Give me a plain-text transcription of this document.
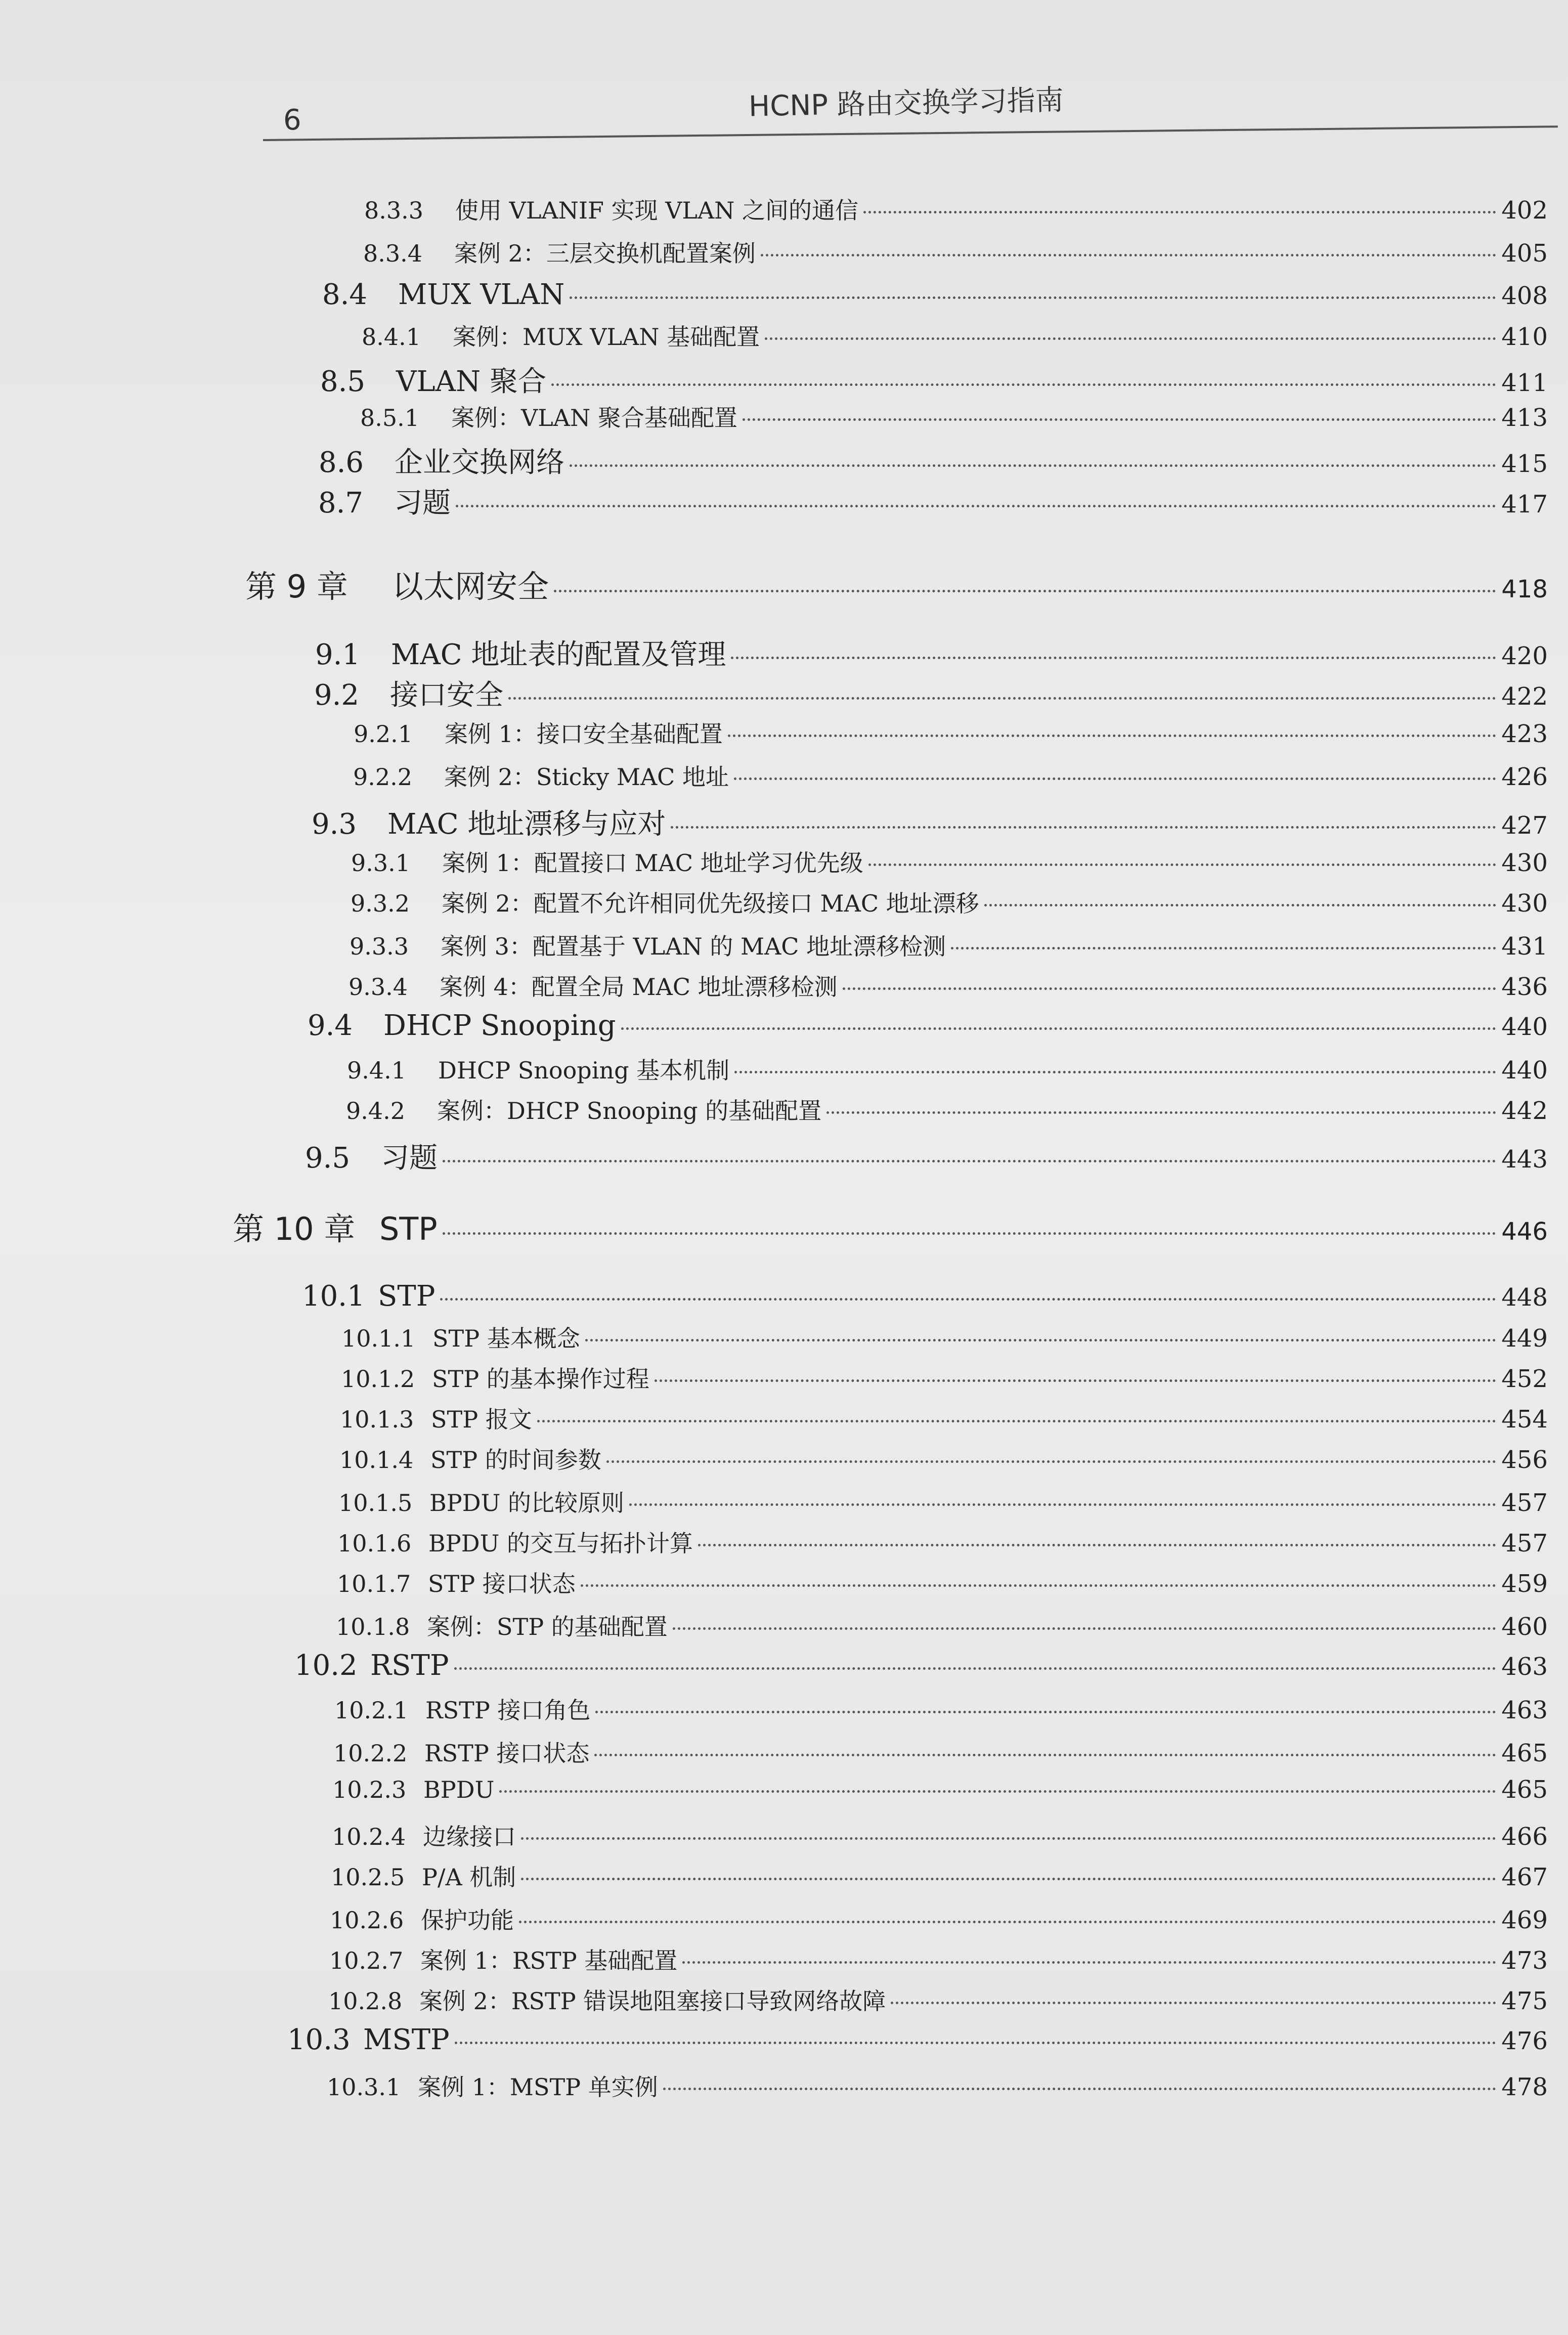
6	HCNP 路由交换学习指南
8.3.3	使用 VLANIF 实现 VLAN 之间的通信	402
8.3.4	案例 2：三层交换机配置案例	405
8.4	MUX VLAN	408
8.4.1	案例：MUX VLAN 基础配置	410
8.5	VLAN 聚合	411
8.5.1	案例：VLAN 聚合基础配置	413
8.6	企业交换网络	415
8.7	习题	417
第 9 章	以太网安全	418
9.1	MAC 地址表的配置及管理	420
9.2	接口安全	422
9.2.1	案例 1：接口安全基础配置	423
9.2.2	案例 2：Sticky MAC 地址	426
9.3	MAC 地址漂移与应对	427
9.3.1	案例 1：配置接口 MAC 地址学习优先级	430
9.3.2	案例 2：配置不允许相同优先级接口 MAC 地址漂移	430
9.3.3	案例 3：配置基于 VLAN 的 MAC 地址漂移检测	431
9.3.4	案例 4：配置全局 MAC 地址漂移检测	436
9.4	DHCP Snooping	440
9.4.1	DHCP Snooping 基本机制	440
9.4.2	案例：DHCP Snooping 的基础配置	442
9.5	习题	443
第 10 章 STP	446
10.1 STP	448
10.1.1 STP 基本概念	449
10.1.2 STP 的基本操作过程	452
10.1.3 STP 报文	454
10.1.4 STP 的时间参数	456
10.1.5 BPDU 的比较原则	457
10.1.6 BPDU 的交互与拓扑计算	457
10.1.7 STP 接口状态	459
10.1.8 案例：STP 的基础配置	460
10.2 RSTP	463
10.2.1 RSTP 接口角色	463
10.2.2 RSTP 接口状态	465
10.2.3 BPDU	465
10.2.4 边缘接口	466
10.2.5 P/A 机制	467
10.2.6 保护功能	469
10.2.7 案例 1：RSTP 基础配置	473
10.2.8 案例 2：RSTP 错误地阻塞接口导致网络故障	475
10.3 MSTP	476
10.3.1 案例 1：MSTP 单实例	478
